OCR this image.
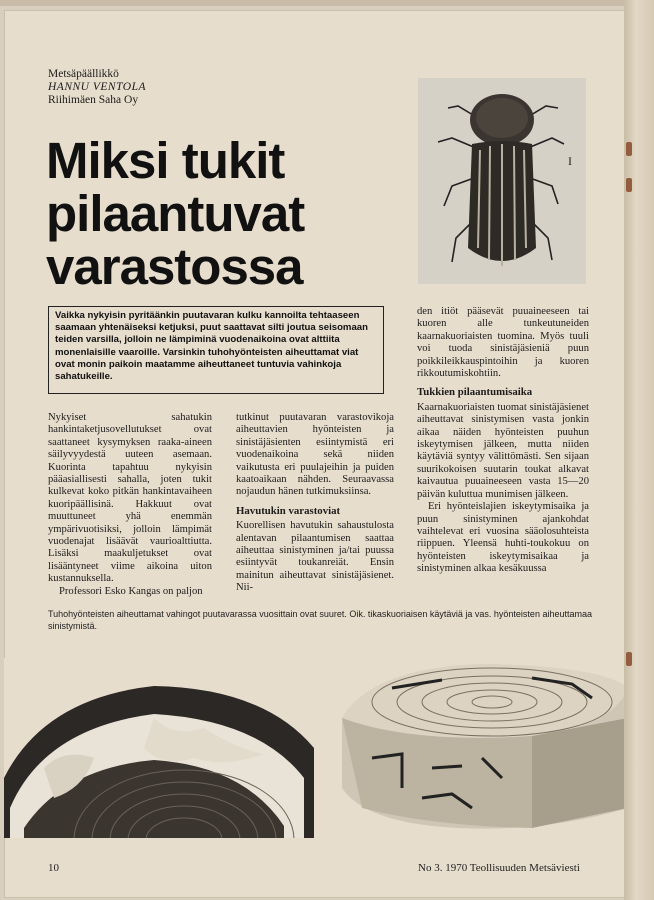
Metsäpäällikkö
HANNU VENTOLA
Riihimäen Saha Oy
Miksi tukit
pilaantuvat
varastossa
I
Vaikka nykyisin pyritäänkin puutavaran kulku kannoilta tehtaaseen saamaan yhtenäiseksi ketjuksi, puut saattavat silti joutua seisomaan teiden varsilla, jolloin ne lämpiminä vuodenaikoina ovat alttiita monenlaisille vaaroille. Varsinkin tuhohyönteisten aiheuttamat viat ovat monin paikoin maatamme aiheuttaneet tuntuvia vahinkoja sahatukeille.

Nykyiset sahatukin hankintaketjusovellutukset ovat saattaneet kysymyksen raaka-aineen säilyvyydestä uuteen asemaan. Kuorinta tapahtuu nykyisin pääasiallisesti sahalla, joten tukit kulkevat koko pitkän hankintavaiheen kuoripäällisinä. Hakkuut ovat muuttuneet yhä enemmän ympärivuotisiksi, jolloin lämpimät vuodenajat lisäävät vaurioalttiutta. Lisäksi maakuljetukset ovat lisääntyneet viime aikoina uiton kustannuksella.

Professori Esko Kangas on paljon

tutkinut puutavaran varastovikoja aiheuttavien hyönteisten ja sinistäjäsienten esiintymistä eri vuodenaikoina sekä niiden vaikutusta eri puulajeihin ja puiden kaatoaikaan nähden. Seuraavassa nojaudun hänen tutkimuksiinsa.

Havutukin varastoviat

Kuorellisen havutukin sahaustulosta alentavan pilaantumisen saattaa aiheuttaa sinistyminen ja/tai puussa esiintyvät toukanreiät. Ensin mainitun aiheuttavat sinistäjäsienet. Nii-

den itiöt pääsevät puuaineeseen tai kuoren alle tunkeutuneiden kaarnakuoriaisten tuomina. Myös tuuli voi tuoda sinistäjäsieniä puun poikkileikkauspintoihin ja kuoren rikkoutumiskohtiin.

Tukkien pilaantumisaika

Kaarnakuoriaisten tuomat sinistäjäsienet aiheuttavat sinistymisen vasta jonkin aikaa näiden hyönteisten puuhun iskeytymisen jälkeen, mutta niiden käytäviä syntyy välittömästi. Sen sijaan suurikokoisen suutarin toukat alkavat kaivautua puuaineeseen vasta 15—20 päivän kuluttua munimisen jälkeen.

Eri hyönteislajien iskeytymisaika ja puun sinistyminen ajankohdat vaihtelevat eri vuosina sääolosuhteista riippuen. Yleensä huhti-toukokuu on hyönteisten iskeytymisaikaa ja sinistyminen alkaa kesäkuussa

Tuhohyönteisten aiheuttamat vahingot puutavarassa vuosittain ovat suuret. Oik. tikaskuoriaisen käytäviä ja vas. hyönteisten aiheuttamaa sinistymistä.
10	No 3. 1970 Teollisuuden Metsäviesti
